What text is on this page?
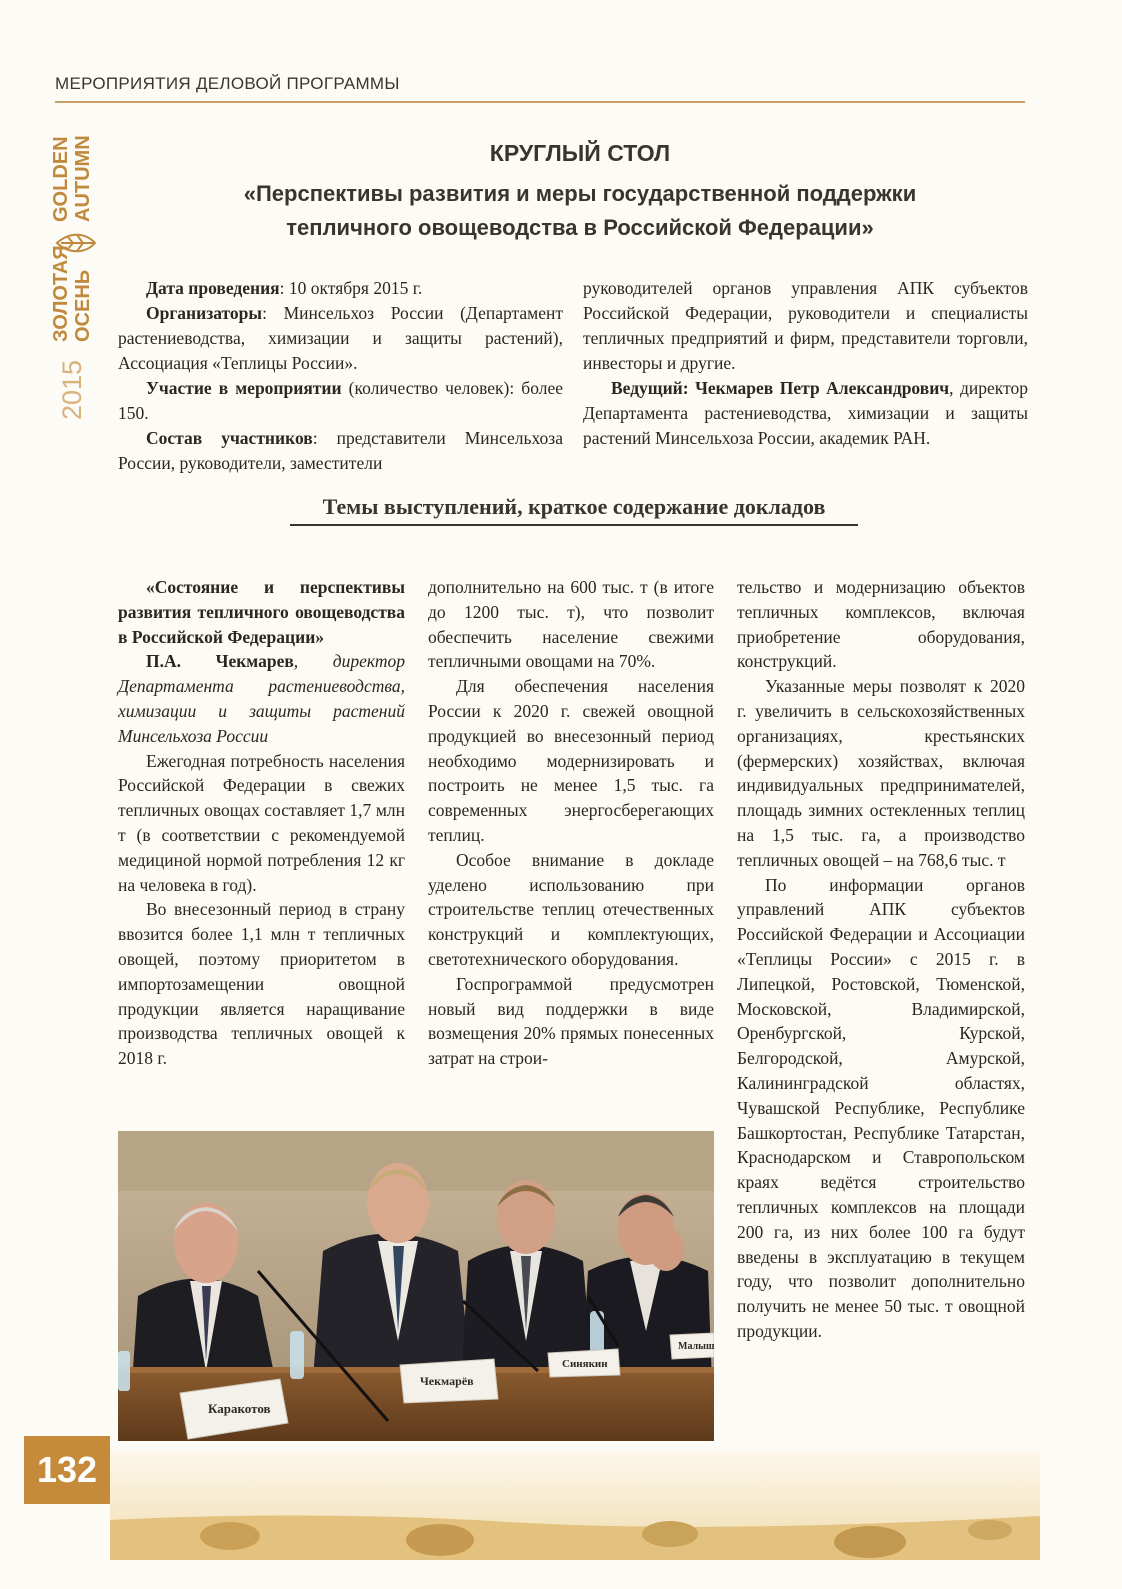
МЕРОПРИЯТИЯ ДЕЛОВОЙ ПРОГРАММЫ
2015
ЗОЛОТАЯ ОСЕНЬ
GOLDEN AUTUMN	КРУГЛЫЙ СТОЛ
«Перспективы развития и меры государственной поддержки
тепличного овощеводства в Российской Федерации»

Дата проведения: 10 октября 2015 г.

Организаторы: Минсельхоз России (Департамент растениеводства, химизации и защиты растений), Ассоциация «Теплицы России».

Участие в мероприятии (количество человек): более 150.

Состав участников: представители Минсельхоза России, руководители, заместители

руководителей органов управления АПК субъектов Российской Федерации, руководители и специалисты тепличных предприятий и фирм, представители торговли, инвесторы и другие.

Ведущий: Чекмарев Петр Александрович, директор Департамента растениеводства, химизации и защиты растений Минсельхоза России, академик РАН.

Темы выступлений, краткое содержание докладов

«Состояние и перспективы развития тепличного овощеводства в Российской Федерации»

П.А. Чекмарев, директор Департамента растениеводства, химизации и защиты растений Минсельхоза России

Ежегодная потребность населения Российской Федерации в свежих тепличных овощах составляет 1,7 млн т (в соответствии с рекомендуемой медициной нормой потребления 12 кг на человека в год).

Во внесезонный период в страну ввозится более 1,1 млн т тепличных овощей, поэтому приоритетом в импортозамещении овощной продукции является наращивание производства тепличных овощей к 2018 г.

дополнительно на 600 тыс. т (в итоге до 1200 тыс. т), что позволит обеспечить население свежими тепличными овощами на 70%.

Для обеспечения населения России к 2020 г. свежей овощной продукцией во внесезонный период необходимо модернизировать и построить не менее 1,5 тыс. га современных энергосберегающих теплиц.

Особое внимание в докладе уделено использованию при строительстве теплиц отечественных конструкций и комплектующих, светотехнического оборудования.

Госпрограммой предусмотрен новый вид поддержки в виде возмещения 20% прямых понесенных затрат на строи-

тельство и модернизацию объектов тепличных комплексов, включая приобретение оборудования, конструкций.

Указанные меры позволят к 2020 г. увеличить в сельскохозяйственных организациях, крестьянских (фермерских) хозяйствах, включая индивидуальных предпринимателей, площадь зимних остекленных теплиц на 1,5 тыс. га, а производство тепличных овощей – на 768,6 тыс. т

По информации органов управлений АПК субъектов Российской Федерации и Ассоциации «Теплицы России» с 2015 г. в Липецкой, Ростовской, Тюменской, Московской, Владимирской, Оренбургской, Курской, Белгородской, Амурской, Калининградской областях, Чувашской Республике, Республике Башкортостан, Республике Татарстан, Краснодарском и Ставропольском краях ведётся строительство тепличных комплексов на площади 200 га, из них более 100 га будут введены в эксплуатацию в текущем году, что позволит дополнительно получить не менее 50 тыс. т овощной продукции.

Каракотов
Чекмарёв
Синякин
Малыш
132
